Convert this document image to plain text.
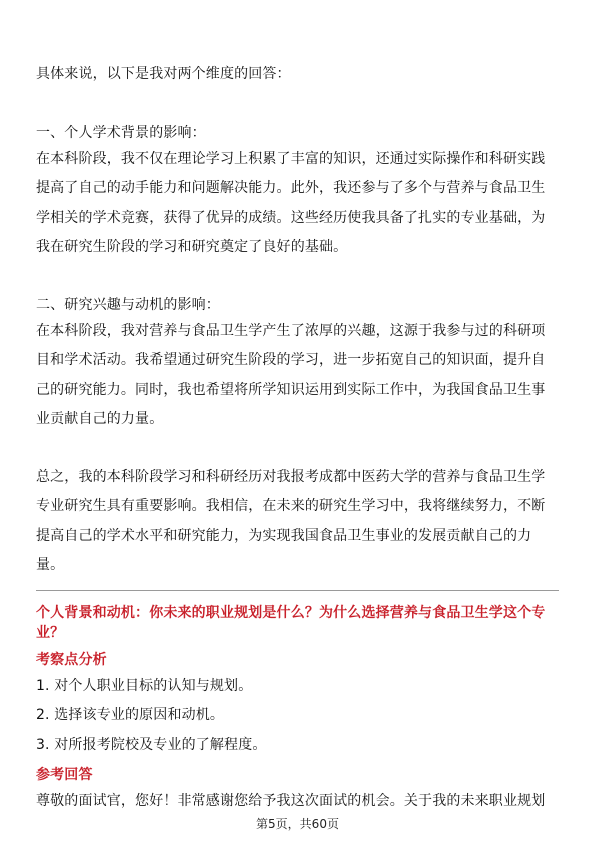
具体来说，以下是我对两个维度的回答：
一、个人学术背景的影响：
在本科阶段，我不仅在理论学习上积累了丰富的知识，还通过实际操作和科研实践
提高了自己的动手能力和问题解决能力。此外，我还参与了多个与营养与食品卫生
学相关的学术竞赛，获得了优异的成绩。这些经历使我具备了扎实的专业基础，为
我在研究生阶段的学习和研究奠定了良好的基础。
二、研究兴趣与动机的影响：
在本科阶段，我对营养与食品卫生学产生了浓厚的兴趣，这源于我参与过的科研项
目和学术活动。我希望通过研究生阶段的学习，进一步拓宽自己的知识面，提升自
己的研究能力。同时，我也希望将所学知识运用到实际工作中，为我国食品卫生事
业贡献自己的力量。
总之，我的本科阶段学习和科研经历对我报考成都中医药大学的营养与食品卫生学
专业研究生具有重要影响。我相信，在未来的研究生学习中，我将继续努力，不断
提高自己的学术水平和研究能力，为实现我国食品卫生事业的发展贡献自己的力
量。
个人背景和动机：你未来的职业规划是什么？为什么选择营养与食品卫生学这个专
业？
考察点分析
1. 对个人职业目标的认知与规划。
2. 选择该专业的原因和动机。
3. 对所报考院校及专业的了解程度。
参考回答
尊敬的面试官，您好！非常感谢您给予我这次面试的机会。关于我的未来职业规划
第5页，共60页
